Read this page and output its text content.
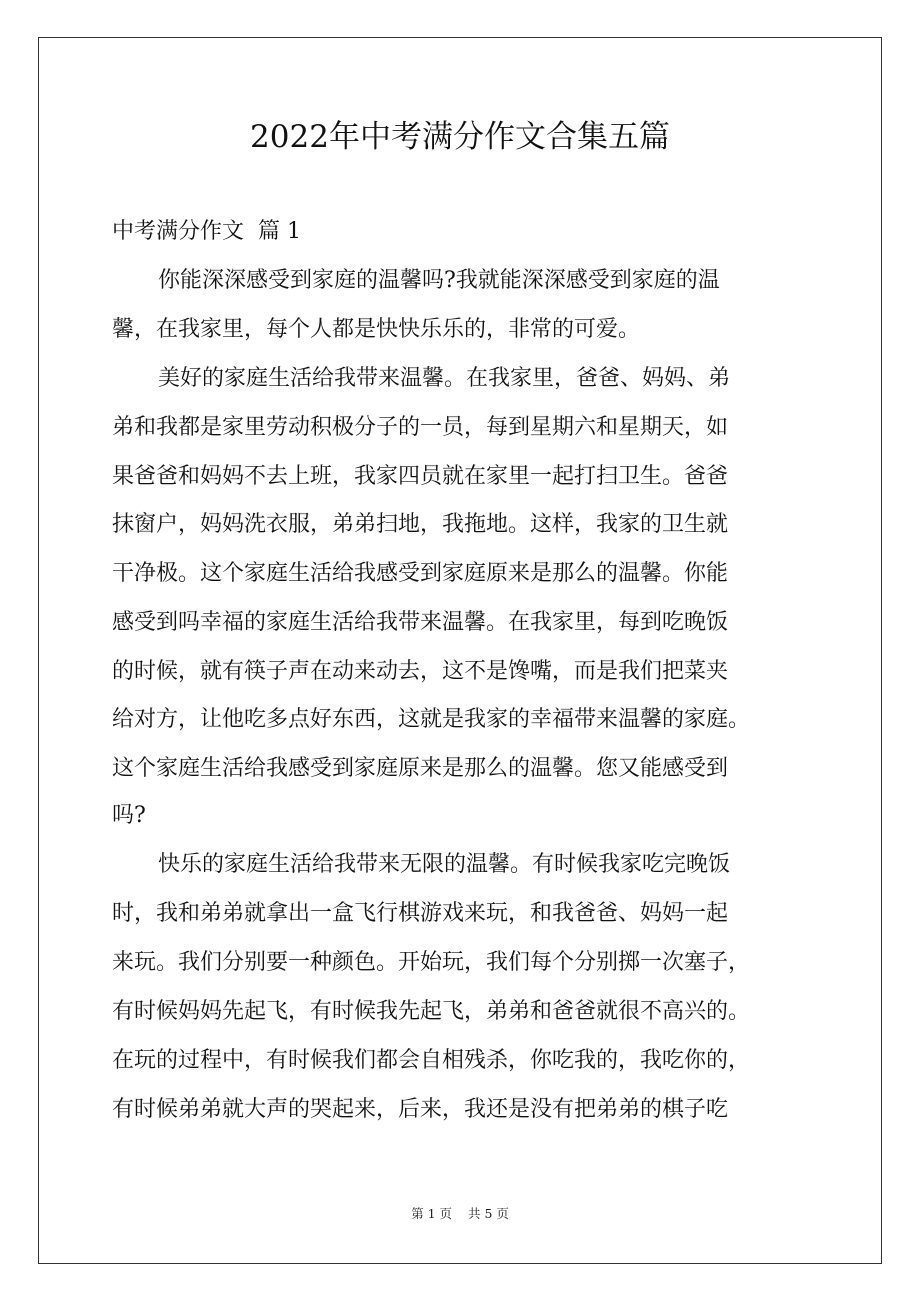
2022年中考满分作文合集五篇

中考满分作文  篇 1

你能深深感受到家庭的温馨吗?我就能深深感受到家庭的温
馨，在我家里，每个人都是快快乐乐的，非常的可爱。
美好的家庭生活给我带来温馨。在我家里，爸爸、妈妈、弟
弟和我都是家里劳动积极分子的一员，每到星期六和星期天，如
果爸爸和妈妈不去上班，我家四员就在家里一起打扫卫生。爸爸
抹窗户，妈妈洗衣服，弟弟扫地，我拖地。这样，我家的卫生就
干净极。这个家庭生活给我感受到家庭原来是那么的温馨。你能
感受到吗幸福的家庭生活给我带来温馨。在我家里，每到吃晚饭
的时候，就有筷子声在动来动去，这不是馋嘴，而是我们把菜夹
给对方，让他吃多点好东西，这就是我家的幸福带来温馨的家庭。
这个家庭生活给我感受到家庭原来是那么的温馨。您又能感受到
吗?
快乐的家庭生活给我带来无限的温馨。有时候我家吃完晚饭
时，我和弟弟就拿出一盒飞行棋游戏来玩，和我爸爸、妈妈一起
来玩。我们分别要一种颜色。开始玩，我们每个分别掷一次塞子，
有时候妈妈先起飞，有时候我先起飞，弟弟和爸爸就很不高兴的。
在玩的过程中，有时候我们都会自相残杀，你吃我的，我吃你的，
有时候弟弟就大声的哭起来，后来，我还是没有把弟弟的棋子吃
第 1 页 共 5 页
